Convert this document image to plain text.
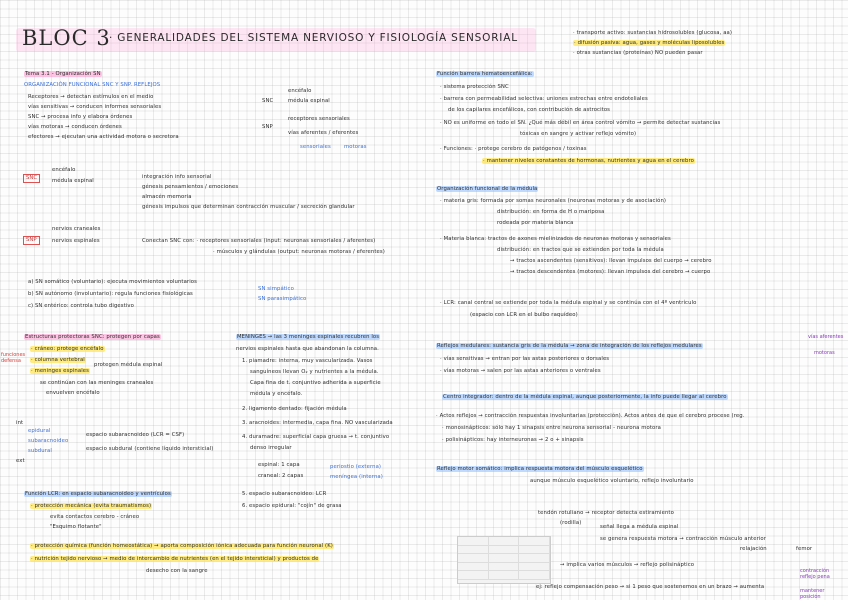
BLOC 3
· GENERALIDADES DEL SISTEMA NERVIOSO Y FISIOLOGÍA SENSORIAL	· transporte activo: sustancias hidrosolubles (glucosa, aa)
· difusión pasiva: agua, gases y moléculas liposolubles
· otras sustancias (proteínas) NO pueden pasar
Tema 3.1 - Organización SN
ORGANIZACIÓN FUNCIONAL SNC Y SNP. REFLEJOS
Receptores → detectan estímulos en el medio
vías sensitivas → conducen informes sensoriales
SNC → procesa info y elabora órdenes
vías motoras → conducen órdenes
efectores → ejecutan una actividad motora o secretora
SNC
encéfalo
médula espinal
SNP
receptores sensoriales
vías aferentes / eferentes
sensoriales motoras
SNC
encéfalo
médula espinal
integración info sensorial
génesis pensamientos / emociones
almacén memoria
génesis impulsos que determinan contracción muscular / secreción glandular
SNP
nervios craneales
nervios espinales	Conectan SNC con: · receptores sensoriales (input: neuronas sensoriales / aferentes)
· músculos y glándulas (output: neuronas motoras / eferentes)
a) SN somático (voluntario): ejecuta movimientos voluntarios
b) SN autónomo (involuntario): regula funciones fisiológicas
SN simpático
SN parasimpático
c) SN entérico: controla tubo digestivo
Estructuras protectoras SNC: protegen por capas
· cráneo: protege encéfalo
· columna vertebral
· meninges espinales
protegen médula espinal
se continúan con las meninges craneales
envuelven encéfalo
funciones defensa
int
epidural
subaracnoideo
subdural
ext
espacio subaracnoideo (LCR = CSF)
espacio subdural (contiene líquido intersticial)
Función LCR: en espacio subaracnoideo y ventrículos
· protección mecánica (evita traumatismos)
evita contactos cerebro - cráneo
"Esquimo flotante"
· protección química (función homeostática) → aporta composición iónica adecuada para función neuronal (K)
· nutrición tejido nervioso → medio de intercambio de nutrientes (en el tejido intersticial) y productos de
desecho con la sangre
MENINGES → las 3 meninges espinales recubren los
nervios espinales hasta que abandonan la columna.
1. piamadre: interna, muy vascularizada. Vasos
sanguíneos llevan O₂ y nutrientes a la médula.
Capa fina de t. conjuntivo adherida a superficie
médula y encéfalo.
2. ligamento dentado: fijación médula
3. aracnoides: intermedia, capa fina. NO vascularizada
4. duramadre: superficial capa gruesa → t. conjuntivo
denso irregular
espinal: 1 capa
craneal: 2 capas
periostio (externa)
meníngea (interna)
5. espacio subaracnoideo: LCR
6. espacio epidural: "cojín" de grasa
Función barrera hematoencefálica:
· sistema protección SNC
· barrera con permeabilidad selectiva: uniones estrechas entre endoteliales
de los capilares encefálicos, con contribución de astrocitos
· NO es uniforme en todo el SN. ¿Qué más débil en área control vómito → permite detectar sustancias
tóxicas en sangre y activar reflejo vómito)
· Funciones: · protege cerebro de patógenos / toxinas
· mantener niveles constantes de hormonas, nutrientes y agua en el cerebro
Organización funcional de la médula
· materia gris: formada por somas neuronales (neuronas motoras y de asociación)
distribución: en forma de H o mariposa
rodeada por materia blanca
· Materia blanca: tractos de axones mielinizados de neuronas motoras y sensoriales
distribución: en tractos que se extienden por toda la médula
→ tractos ascendentes (sensitivos): llevan impulsos del cuerpo → cerebro
→ tractos descendentes (motores): llevan impulsos del cerebro → cuerpo
· LCR: canal central se extiende por toda la médula espinal y se continúa con el 4º ventrículo
(espacio con LCR en el bulbo raquídeo)
Reflejos medulares: sustancia gris de la médula → zona de integración de los reflejos medulares
· vías sensitivas → entran por las astas posteriores o dorsales
· vías motoras → salen por las astas anteriores o ventrales
Centro integrador: dentro de la médula espinal, aunque posteriormente, la info puede llegar al cerebro
· Actos reflejos → contracción respuestas involuntarias (protección). Actos antes de que el cerebro procese (reg.
· monosinápticos: sólo hay 1 sinapsis entre neurona sensorial - neurona motora
· polisinápticos: hay interneuronas → 2 o + sinapsis
Reflejo motor somático: implica respuesta motora del músculo esquelético
aunque músculo esquelético voluntario, reflejo involuntario
tendón rotuliano → receptor detecta estiramiento
(rodilla)
señal llega a médula espinal
se genera respuesta motora → contracción músculo anterior
relajación	femor
→ implica varios músculos → reflejo polisináptico
ej: reflejo compensación peso → si 1 peso que sostenemos en un brazo → aumenta
vías aferentes
motoras
contracción reflejo pena
mantener posición
